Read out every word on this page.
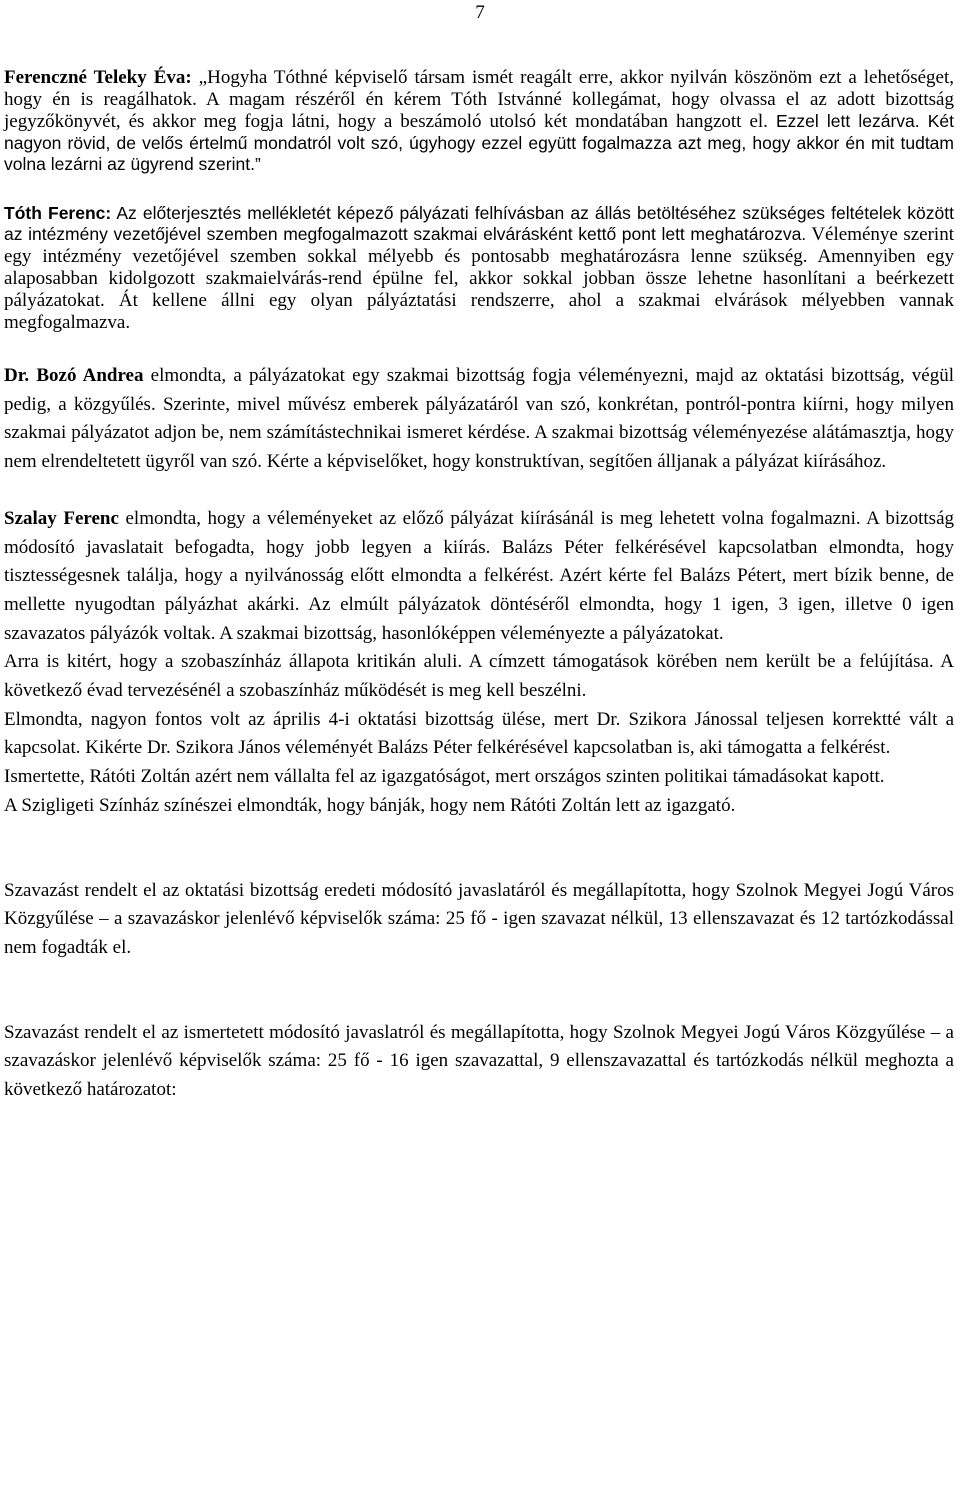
7

Ferenczné Teleky Éva: „Hogyha Tóthné képviselő társam ismét reagált erre, akkor nyilván köszönöm ezt a lehetőséget, hogy én is reagálhatok. A magam részéről én kérem Tóth Istvánné kollegámat, hogy olvassa el az adott bizottság jegyzőkönyvét, és akkor meg fogja látni, hogy a beszámoló utolsó két mondatában hangzott el. Ezzel lett lezárva. Két nagyon rövid, de velős értelmű mondatról volt szó, úgyhogy ezzel együtt fogalmazza azt meg, hogy akkor én mit tudtam volna lezárni az ügyrend szerint.”

Tóth Ferenc: Az előterjesztés mellékletét képező pályázati felhívásban az állás betöltéséhez szükséges feltételek között az intézmény vezetőjével szemben megfogalmazott szakmai elvárásként kettő pont lett meghatározva. Véleménye szerint egy intézmény vezetőjével szemben sokkal mélyebb és pontosabb meghatározásra lenne szükség. Amennyiben egy alaposabban kidolgozott szakmaielvárás-rend épülne fel, akkor sokkal jobban össze lehetne hasonlítani a beérkezett pályázatokat. Át kellene állni egy olyan pályáztatási rendszerre, ahol a szakmai elvárások mélyebben vannak megfogalmazva.

Dr. Bozó Andrea elmondta, a pályázatokat egy szakmai bizottság fogja véleményezni, majd az oktatási bizottság, végül pedig, a közgyűlés. Szerinte, mivel művész emberek pályázatáról van szó, konkrétan, pontról-pontra kiírni, hogy milyen szakmai pályázatot adjon be, nem számítástechnikai ismeret kérdése. A szakmai bizottság véleményezése alátámasztja, hogy nem elrendeltetett ügyről van szó. Kérte a képviselőket, hogy konstruktívan, segítően álljanak a pályázat kiírásához.

Szalay Ferenc elmondta, hogy a véleményeket az előző pályázat kiírásánál is meg lehetett volna fogalmazni. A bizottság módosító javaslatait befogadta, hogy jobb legyen a kiírás. Balázs Péter felkérésével kapcsolatban elmondta, hogy tisztességesnek találja, hogy a nyilvánosság előtt elmondta a felkérést. Azért kérte fel Balázs Pétert, mert bízik benne, de mellette nyugodtan pályázhat akárki. Az elmúlt pályázatok döntéséről elmondta, hogy 1 igen, 3 igen, illetve 0 igen szavazatos pályázók voltak. A szakmai bizottság, hasonlóképpen véleményezte a pályázatokat.

Arra is kitért, hogy a szobaszínház állapota kritikán aluli. A címzett támogatások körében nem került be a felújítása. A következő évad tervezésénél a szobaszínház működését is meg kell beszélni.

Elmondta, nagyon fontos volt az április 4-i oktatási bizottság ülése, mert Dr. Szikora Jánossal teljesen korrektté vált a kapcsolat. Kikérte Dr. Szikora János véleményét Balázs Péter felkérésével kapcsolatban is, aki támogatta a felkérést.

Ismertette, Rátóti Zoltán azért nem vállalta fel az igazgatóságot, mert országos szinten politikai támadásokat kapott.

A Szigligeti Színház színészei elmondták, hogy bánják, hogy nem Rátóti Zoltán lett az igazgató.

Szavazást rendelt el az oktatási bizottság eredeti módosító javaslatáról és megállapította, hogy Szolnok Megyei Jogú Város Közgyűlése – a szavazáskor jelenlévő képviselők száma: 25 fő - igen szavazat nélkül, 13 ellenszavazat és 12 tartózkodással nem fogadták el.

Szavazást rendelt el az ismertetett módosító javaslatról és megállapította, hogy Szolnok Megyei Jogú Város Közgyűlése – a szavazáskor jelenlévő képviselők száma: 25 fő - 16 igen szavazattal, 9 ellenszavazattal és tartózkodás nélkül meghozta a következő határozatot:
